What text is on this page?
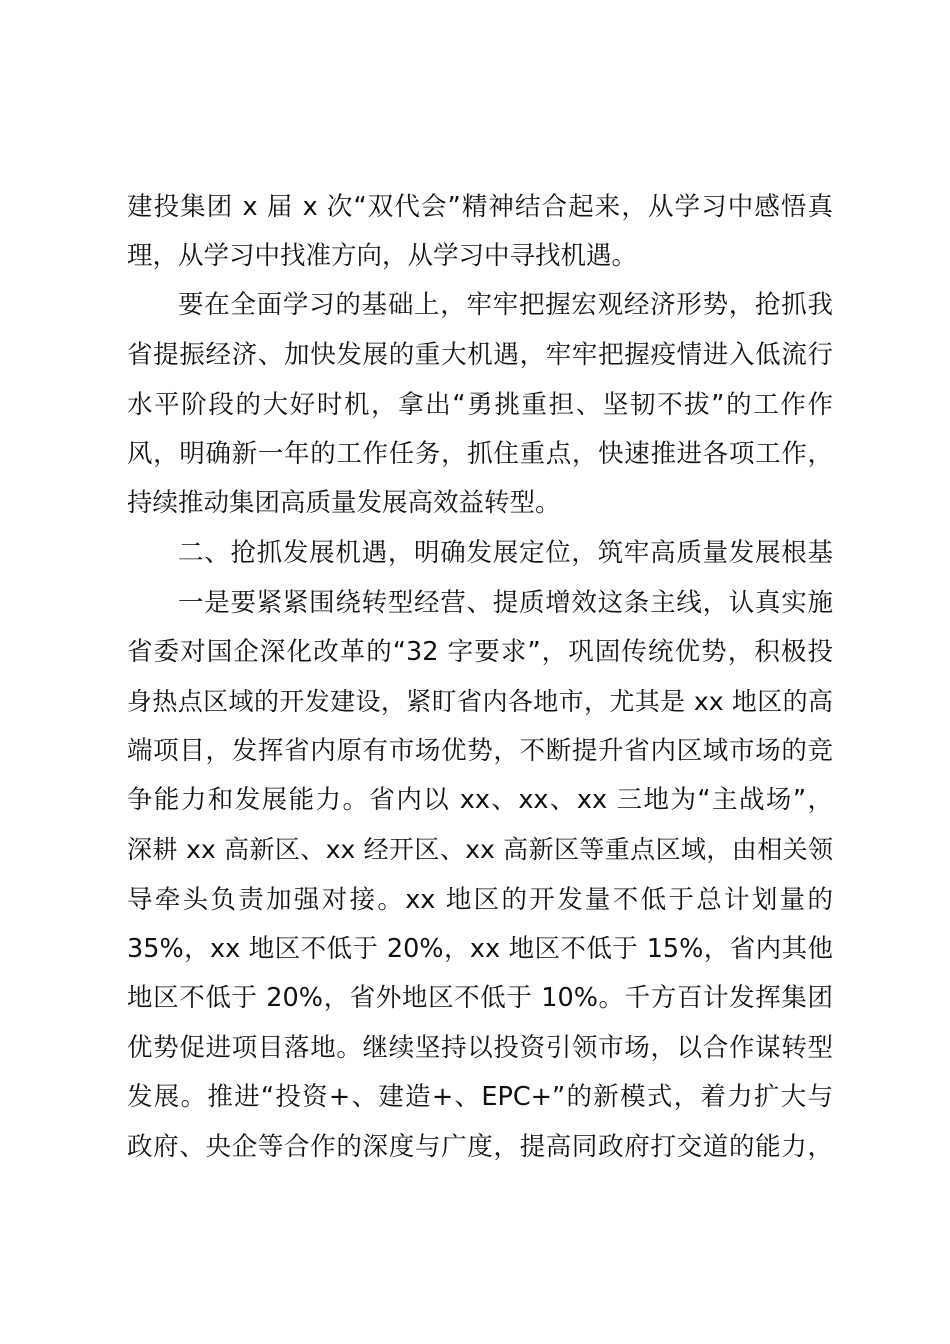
建投集团 x 届 x 次“双代会”精神结合起来，从学习中感悟真
理，从学习中找准方向，从学习中寻找机遇。
要在全面学习的基础上，牢牢把握宏观经济形势，抢抓我
省提振经济、加快发展的重大机遇，牢牢把握疫情进入低流行
水平阶段的大好时机，拿出“勇挑重担、坚韧不拔”的工作作
风，明确新一年的工作任务，抓住重点，快速推进各项工作，
持续推动集团高质量发展高效益转型。
二、抢抓发展机遇，明确发展定位，筑牢高质量发展根基
一是要紧紧围绕转型经营、提质增效这条主线，认真实施
省委对国企深化改革的“32 字要求”，巩固传统优势，积极投
身热点区域的开发建设，紧盯省内各地市，尤其是 xx 地区的高
端项目，发挥省内原有市场优势，不断提升省内区域市场的竞
争能力和发展能力。省内以 xx、xx、xx 三地为“主战场”，
深耕 xx 高新区、xx 经开区、xx 高新区等重点区域，由相关领
导牵头负责加强对接。xx 地区的开发量不低于总计划量的
35%，xx 地区不低于 20%，xx 地区不低于 15%，省内其他
地区不低于 20%，省外地区不低于 10%。千方百计发挥集团
优势促进项目落地。继续坚持以投资引领市场，以合作谋转型
发展。推进“投资+、建造+、EPC+”的新模式，着力扩大与
政府、央企等合作的深度与广度，提高同政府打交道的能力，
